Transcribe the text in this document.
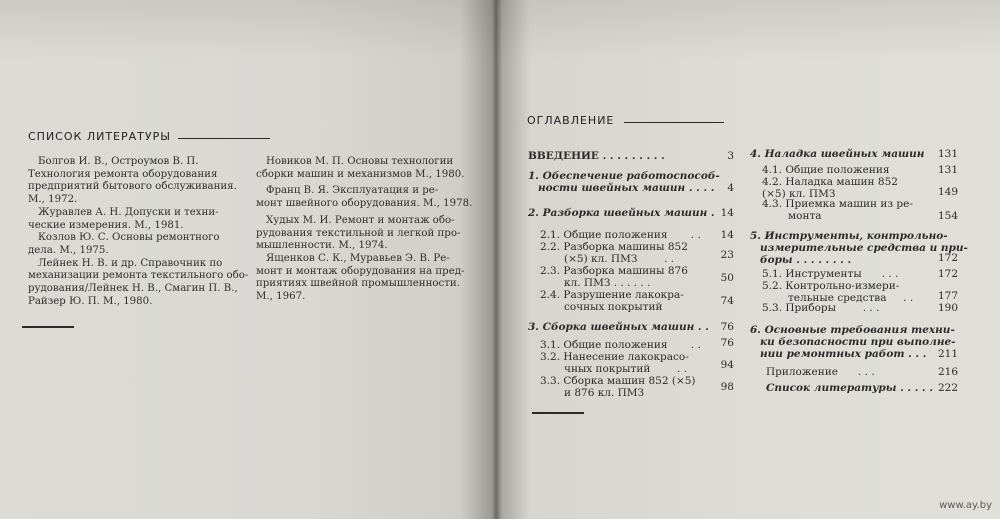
СПИСОК ЛИТЕРАТУРЫ
Болгов И. В., Остроумов В. П.
Технология ремонта оборудования
предприятий бытового обслуживания.
М., 1972.
Журавлев А. Н. Допуски и техни-
ческие измерения. М., 1981.
Козлов Ю. С. Основы ремонтного
дела. М., 1975.
Лейнек Н. В. и др. Справочник по
механизации ремонта текстильного обо-
рудования/Лейнек Н. В., Смагин П. В.,
Райзер Ю. П. М., 1980.
Новиков М. П. Основы технологии
сборки машин и механизмов М., 1980.
Франц В. Я. Эксплуатация и ре-
монт швейного оборудования. М., 1978.
Худых М. И. Ремонт и монтаж обо-
рудования текстильной и легкой про-
мышленности. М., 1974.
Ященков С. К., Муравьев Э. В. Ре-
монт и монтаж оборудования на пред-
приятиях швейной промышленности.
М., 1967.
ОГЛАВЛЕНИЕ
ВВЕДЕНИЕ . . . . . . . . .	3
1. Обеспечение работоспособ-
ности швейных машин . . . .	4
2. Разборка швейных машин . 14
2.1. Общие положения       . .	14
2.2. Разборка машины 852
(×5) кл. ПМЗ        . .	23
2.3. Разборка машины 876
кл. ПМЗ . . . . . .	50
2.4. Разрушение лакокра-
сочных покрытий	74
3. Сборка швейных машин . .	76
3.1. Общие положения       . .	76
3.2. Нанесение лакокрасо-
чных покрытий        . .	94
3.3. Сборка машин 852 (×5)
и 876 кл. ПМЗ	98
4. Наладка швейных машин	131
4.1. Общие положения	131
4.2. Наладка машин 852
(×5) кл. ПМЗ	149
4.3. Приемка машин из ре-
монта	154
5. Инструменты, контрольно-
измерительные средства и при-
боры . . . . . . . .	172
5.1. Инструменты      . . .	172
5.2. Контрольно-измери-
тельные средства     . .	177
5.3. Приборы        . . .	190
6. Основные требования техни-
ки безопасности при выполне-
нии ремонтных работ . . .	211
Приложение      . . .	216
Список литературы . . . . . 222
www.ay.by
